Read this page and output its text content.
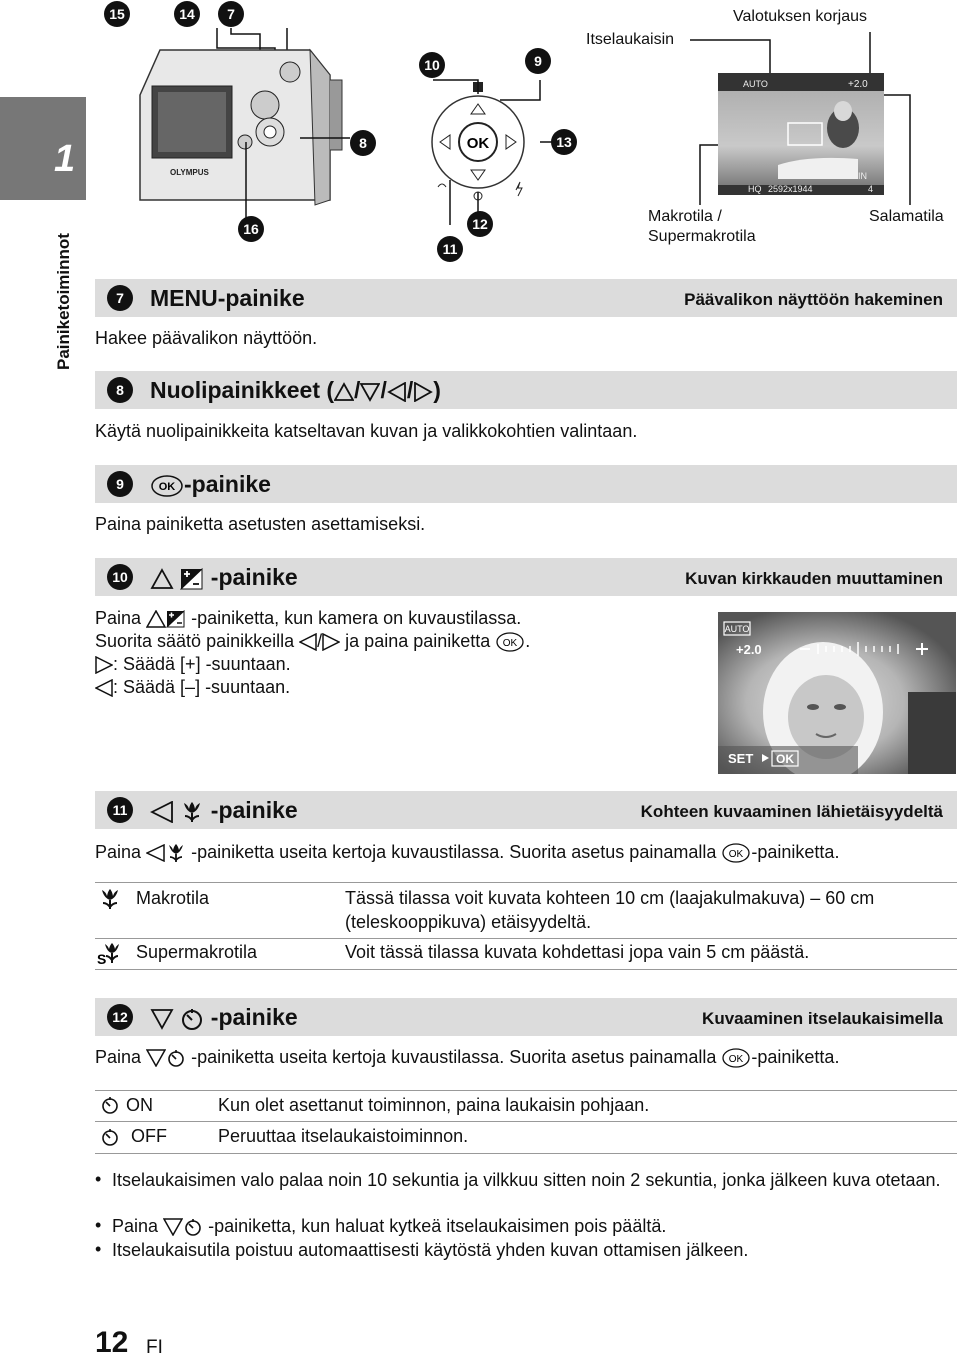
1
Painiketoiminnot
15	14	7
OLYMPUS
OK
10	9
8	13
16
11
12
Itselaukaisin
Valotuksen korjaus
Makrotila /
Supermakrotila
Salamatila
AUTO	+2.0
HQ 2592x1944
IN
4
7	MENU-painike	Päävalikon näyttöön hakeminen
Hakee päävalikon näyttöön.
8	Nuolipainikkeet ( / / / )
Käytä nuolipainikkeita katseltavan kuvan ja valikkokohtien valintaan.
9	OK -painike
Paina painiketta asetusten asettamiseksi.
10	-painike	Kuvan kirkkauden muuttaminen
Paina	-painiketta, kun kamera on kuvaustilassa.
Suorita säätö painikkeilla / ja paina painiketta OK .
: Säädä [+] -suuntaan.
: Säädä [–] -suuntaan.
AUTO
+2.0
SET OK
11	-painike	Kohteen kuvaaminen lähietäisyydeltä
Paina	-painiketta useita kertoja kuvaustilassa. Suorita asetus painamalla OK -painiketta.
Makrotila	Tässä tilassa voit kuvata kohteen 10 cm (laajakulmakuva) – 60 cm
(teleskooppikuva) etäisyydeltä.
S Supermakrotila	Voit tässä tilassa kuvata kohdettasi jopa vain 5 cm päästä.
12	-painike	Kuvaaminen itselaukaisimella
Paina	-painiketta useita kertoja kuvaustilassa. Suorita asetus painamalla OK -painiketta.
ON	Kun olet asettanut toiminnon, paina laukaisin pohjaan.
OFF	Peruuttaa itselaukaistoiminnon.
• Itselaukaisimen valo palaa noin 10 sekuntia ja vilkkuu sitten noin 2 sekuntia, jonka jälkeen kuva otetaan.
• Paina	-painiketta, kun haluat kytkeä itselaukaisimen pois päältä.
• Itselaukaisutila poistuu automaattisesti käytöstä yhden kuvan ottamisen jälkeen.
12 FI
